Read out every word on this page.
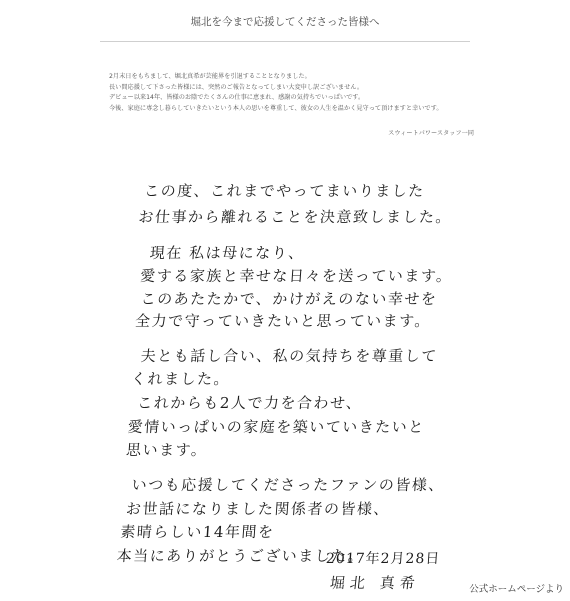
堀北を今まで応援してくださった皆様へ

2月末日をもちまして、堀北真希が芸能界を引退することとなりました。

長い間応援して下さった皆様には、突然のご報告となってしまい大変申し訳ございません。

デビュー以来14年、皆様のお陰でたくさんの仕事に恵まれ、感謝の気持ちでいっぱいです。

今後、家庭に専念し暮らしていきたいという本人の思いを尊重して、彼女の人生を温かく見守って頂けますと幸いです。

スウィートパワースタッフ一同
この度、これまでやってまいりました
お仕事から離れることを決意致しました。
現在 私は母になり、
愛する家族と幸せな日々を送っています。
このあたたかで、かけがえのない幸せを
全力で守っていきたいと思っています。
夫とも話し合い、私の気持ちを尊重して
くれました。
これからも2人で力を合わせ、
愛情いっぱいの家庭を築いていきたいと
思います。
いつも応援してくださったファンの皆様、
お世話になりました関係者の皆様、
素晴らしい14年間を
本当にありがとうございました。
2017年2月28日
堀北 真希	公式ホームページより
